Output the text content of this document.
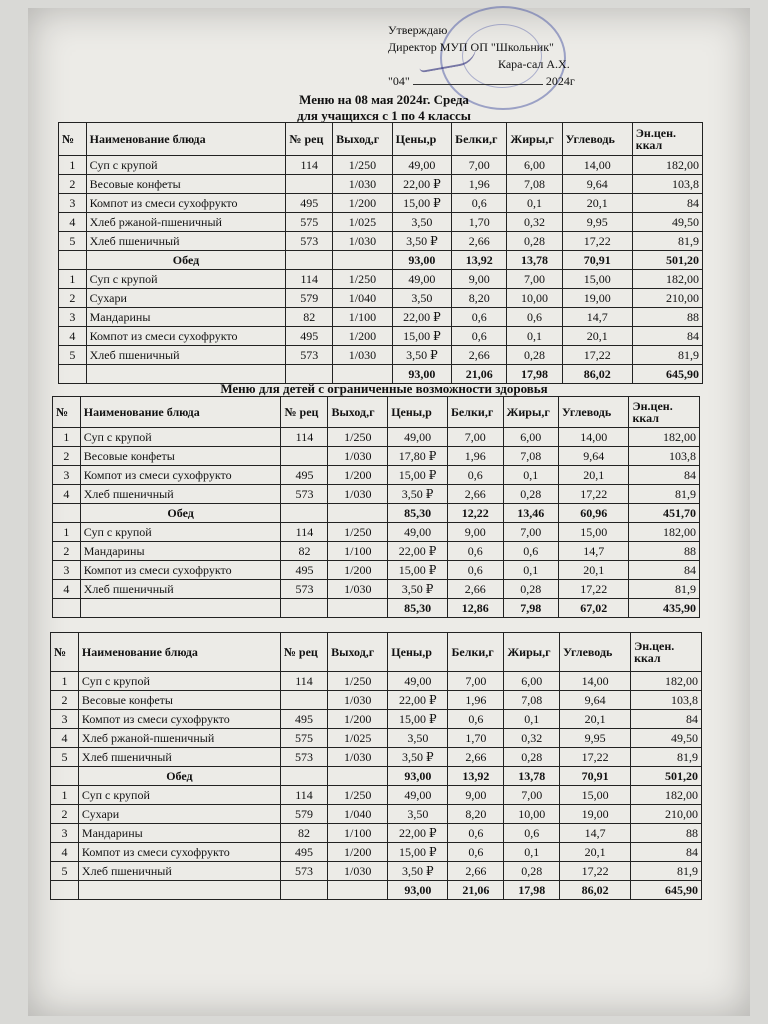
Утверждаю
Директор МУП ОП "Школьник"
Кара-сал А.Х.
"04"	2024г
Меню на 08 мая 2024г. Среда
для учащихся с 1 по 4 классы
№	Наименование блюда	№ рец	Выход,г	Цены,р	Белки,г	Жиры,г	Углеводь	Эн.цен. ккал
1	Суп с крупой	114	1/250	49,00	7,00	6,00	14,00	182,00
2	Весовые конфеты		1/030	22,00 ₽	1,96	7,08	9,64	103,8
3	Компот из смеси сухофрукто	495	1/200	15,00 ₽	0,6	0,1	20,1	84
4	Хлеб ржаной-пшеничный	575	1/025	3,50	1,70	0,32	9,95	49,50
5	Хлеб пшеничный	573	1/030	3,50 ₽	2,66	0,28	17,22	81,9
	Обед			93,00	13,92	13,78	70,91	501,20
1	Суп с крупой	114	1/250	49,00	9,00	7,00	15,00	182,00
2	Сухари	579	1/040	3,50	8,20	10,00	19,00	210,00
3	Мандарины	82	1/100	22,00 ₽	0,6	0,6	14,7	88
4	Компот из смеси сухофрукто	495	1/200	15,00 ₽	0,6	0,1	20,1	84
5	Хлеб пшеничный	573	1/030	3,50 ₽	2,66	0,28	17,22	81,9
				93,00	21,06	17,98	86,02	645,90
Меню для детей с ограниченные возможности здоровья
№	Наименование блюда	№ рец	Выход,г	Цены,р	Белки,г	Жиры,г	Углеводь	Эн.цен. ккал
1	Суп с крупой	114	1/250	49,00	7,00	6,00	14,00	182,00
2	Весовые конфеты		1/030	17,80 ₽	1,96	7,08	9,64	103,8
3	Компот из смеси сухофрукто	495	1/200	15,00 ₽	0,6	0,1	20,1	84
4	Хлеб пшеничный	573	1/030	3,50 ₽	2,66	0,28	17,22	81,9
	Обед			85,30	12,22	13,46	60,96	451,70
1	Суп с крупой	114	1/250	49,00	9,00	7,00	15,00	182,00
2	Мандарины	82	1/100	22,00 ₽	0,6	0,6	14,7	88
3	Компот из смеси сухофрукто	495	1/200	15,00 ₽	0,6	0,1	20,1	84
4	Хлеб пшеничный	573	1/030	3,50 ₽	2,66	0,28	17,22	81,9
				85,30	12,86	7,98	67,02	435,90
№	Наименование блюда	№ рец	Выход,г	Цены,р	Белки,г	Жиры,г	Углеводь	Эн.цен. ккал
1	Суп с крупой	114	1/250	49,00	7,00	6,00	14,00	182,00
2	Весовые конфеты		1/030	22,00 ₽	1,96	7,08	9,64	103,8
3	Компот из смеси сухофрукто	495	1/200	15,00 ₽	0,6	0,1	20,1	84
4	Хлеб ржаной-пшеничный	575	1/025	3,50	1,70	0,32	9,95	49,50
5	Хлеб пшеничный	573	1/030	3,50 ₽	2,66	0,28	17,22	81,9
	Обед			93,00	13,92	13,78	70,91	501,20
1	Суп с крупой	114	1/250	49,00	9,00	7,00	15,00	182,00
2	Сухари	579	1/040	3,50	8,20	10,00	19,00	210,00
3	Мандарины	82	1/100	22,00 ₽	0,6	0,6	14,7	88
4	Компот из смеси сухофрукто	495	1/200	15,00 ₽	0,6	0,1	20,1	84
5	Хлеб пшеничный	573	1/030	3,50 ₽	2,66	0,28	17,22	81,9
				93,00	21,06	17,98	86,02	645,90
